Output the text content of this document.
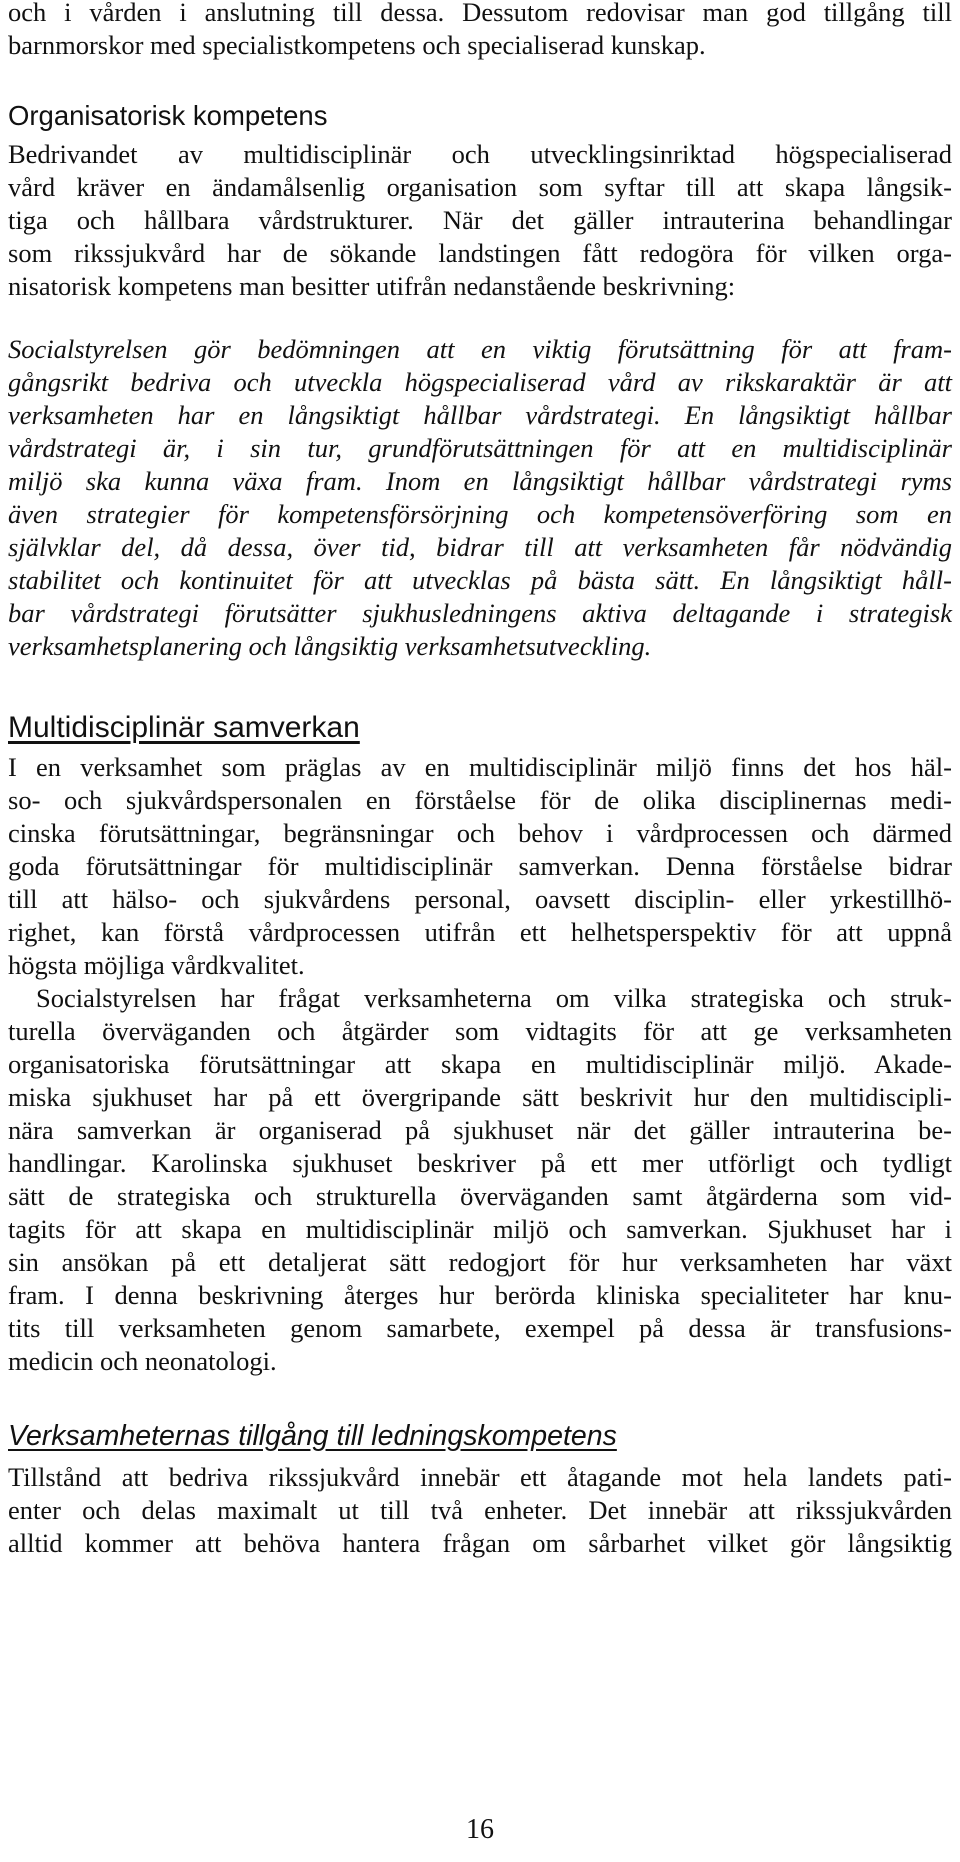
och i vården i anslutning till dessa. Dessutom redovisar man god tillgång till

barnmorskor med specialistkompetens och specialiserad kunskap.

Organisatorisk kompetens

Bedrivandet av multidisciplinär och utvecklingsinriktad högspecialiserad

vård kräver en ändamålsenlig organisation som syftar till att skapa långsik-

tiga och hållbara vårdstrukturer. När det gäller intrauterina behandlingar

som rikssjukvård har de sökande landstingen fått redogöra för vilken orga-

nisatorisk kompetens man besitter utifrån nedanstående beskrivning:

Socialstyrelsen gör bedömningen att en viktig förutsättning för att fram-

gångsrikt bedriva och utveckla högspecialiserad vård av rikskaraktär är att

verksamheten har en långsiktigt hållbar vårdstrategi. En långsiktigt hållbar

vårdstrategi är, i sin tur, grundförutsättningen för att en multidisciplinär

miljö ska kunna växa fram. Inom en långsiktigt hållbar vårdstrategi ryms

även strategier för kompetensförsörjning och kompetensöverföring som en

självklar del, då dessa, över tid, bidrar till att verksamheten får nödvändig

stabilitet och kontinuitet för att utvecklas på bästa sätt. En långsiktigt håll-

bar vårdstrategi förutsätter sjukhusledningens aktiva deltagande i strategisk

verksamhetsplanering och långsiktig verksamhetsutveckling.

Multidisciplinär samverkan

I en verksamhet som präglas av en multidisciplinär miljö finns det hos häl-

so- och sjukvårdspersonalen en förståelse för de olika disciplinernas medi-

cinska förutsättningar, begränsningar och behov i vårdprocessen och därmed

goda förutsättningar för multidisciplinär samverkan. Denna förståelse bidrar

till att hälso- och sjukvårdens personal, oavsett disciplin- eller yrkestillhö-

righet, kan förstå vårdprocessen utifrån ett helhetsperspektiv för att uppnå

högsta möjliga vårdkvalitet.

Socialstyrelsen har frågat verksamheterna om vilka strategiska och struk-

turella överväganden och åtgärder som vidtagits för att ge verksamheten

organisatoriska förutsättningar att skapa en multidisciplinär miljö. Akade-

miska sjukhuset har på ett övergripande sätt beskrivit hur den multidiscipli-

nära samverkan är organiserad på sjukhuset när det gäller intrauterina be-

handlingar. Karolinska sjukhuset beskriver på ett mer utförligt och tydligt

sätt de strategiska och strukturella överväganden samt åtgärderna som vid-

tagits för att skapa en multidisciplinär miljö och samverkan. Sjukhuset har i

sin ansökan på ett detaljerat sätt redogjort för hur verksamheten har växt

fram. I denna beskrivning återges hur berörda kliniska specialiteter har knu-

tits till verksamheten genom samarbete, exempel på dessa är transfusions-

medicin och neonatologi.

Verksamheternas tillgång till ledningskompetens

Tillstånd att bedriva rikssjukvård innebär ett åtagande mot hela landets pati-

enter och delas maximalt ut till två enheter. Det innebär att rikssjukvården

alltid kommer att behöva hantera frågan om sårbarhet vilket gör långsiktig

16
